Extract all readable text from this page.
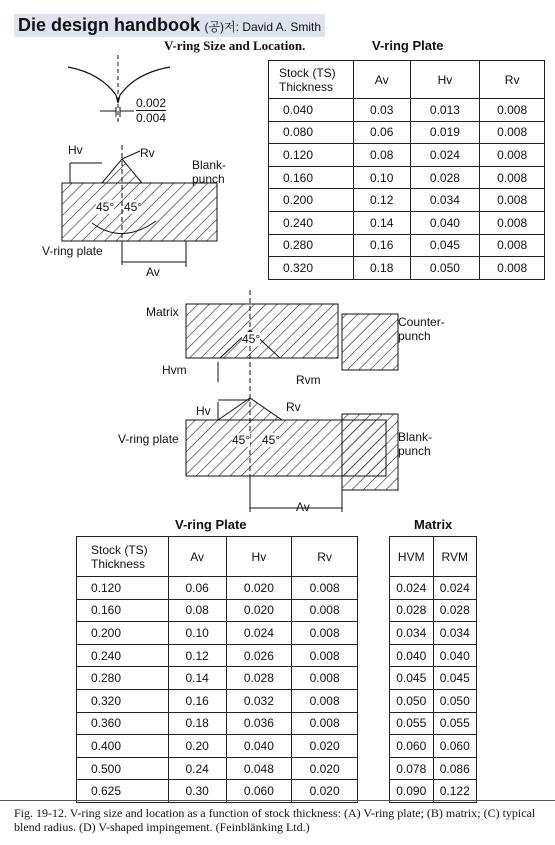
Die design handbook (공)저: David A. Smith
V-ring Size and Location.	V-ring Plate
0.002
0.004
Hv	Rv
Blank-
punch
45° 45°
V-ring plate
Av
Stock (TS)
Thickness	Av	Hv	Rv
0.040	0.03	0.013	0.008
0.080	0.06	0.019	0.008
0.120	0.08	0.024	0.008
0.160	0.10	0.028	0.008
0.200	0.12	0.034	0.008
0.240	0.14	0.040	0.008
0.280	0.16	0.045	0.008
0.320	0.18	0.050	0.008
Matrix
Counter-
punch
45°
Hvm
Rvm
Hv	Rv
V-ring plate	45° 45°	Blank-
punch
Av
V-ring Plate	Matrix
Stock (TS)
Thickness	Av	Hv	Rv
0.120	0.06	0.020	0.008
0.160	0.08	0.020	0.008
0.200	0.10	0.024	0.008
0.240	0.12	0.026	0.008
0.280	0.14	0.028	0.008
0.320	0.16	0.032	0.008
0.360	0.18	0.036	0.008
0.400	0.20	0.040	0.020
0.500	0.24	0.048	0.020
0.625	0.30	0.060	0.020
HVM	RVM
0.024	0.024
0.028	0.028
0.034	0.034
0.040	0.040
0.045	0.045
0.050	0.050
0.055	0.055
0.060	0.060
0.078	0.086
0.090	0.122
Fig. 19-12. V-ring size and location as a function of stock thickness: (A) V-ring plate; (B) matrix; (C) typical blend radius. (D) V-shaped impingement. (Feinblänking Ltd.)
